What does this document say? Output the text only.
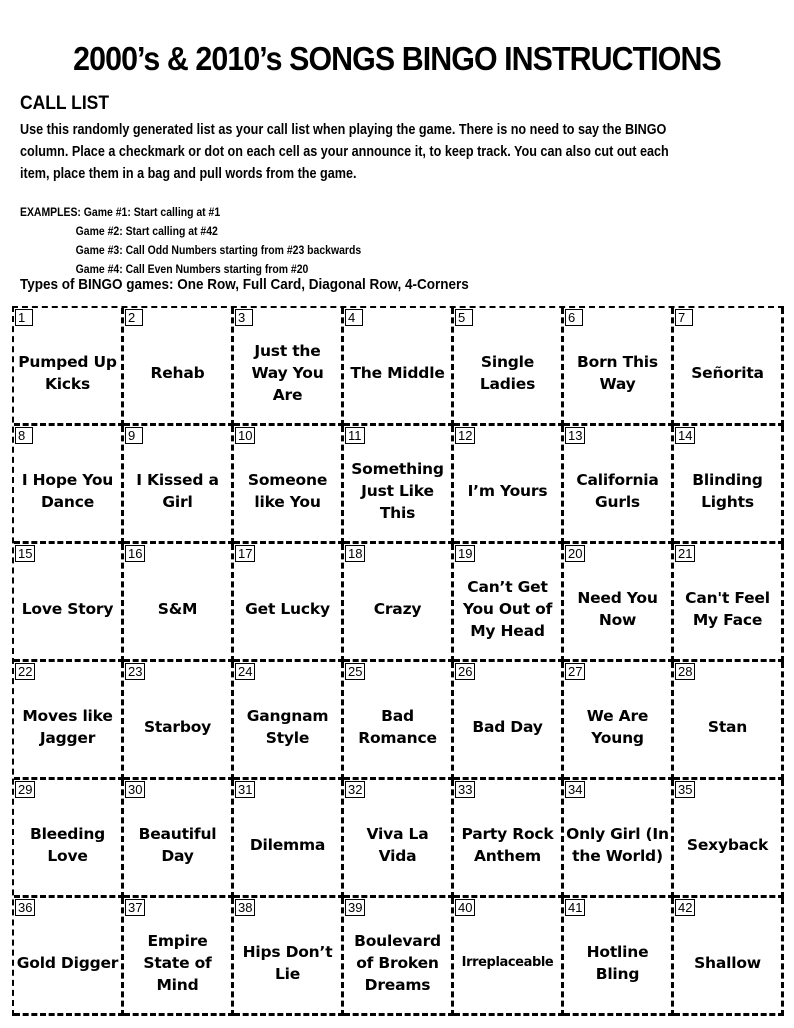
2000’s & 2010’s SONGS BINGO INSTRUCTIONS
CALL LIST
Use this randomly generated list as your call list when playing the game. There is no need to say the BINGO
column. Place a checkmark or dot on each cell as your announce it, to keep track. You can also cut out each
item, place them in a bag and pull words from the game.
EXAMPLES: Game #1: Start calling at #1
Game #2: Start calling at #42
Game #3: Call Odd Numbers starting from #23 backwards
Game #4: Call Even Numbers starting from #20
Types of BINGO games: One Row, Full Card, Diagonal Row, 4-Corners
1
Pumped Up Kicks
2
Rehab
3
Just the Way You Are
4
The Middle
5
Single Ladies
6
Born This Way
7
Señorita
8
I Hope You Dance
9
I Kissed a Girl
10
Someone like You
11
Something Just Like This
12
I’m Yours
13
California Gurls
14
Blinding Lights
15
Love Story
16
S&M
17
Get Lucky
18
Crazy
19
Can’t Get You Out of My Head
20
Need You Now
21
Can't Feel My Face
22
Moves like Jagger
23
Starboy
24
Gangnam Style
25
Bad Romance
26
Bad Day
27
We Are Young
28
Stan
29
Bleeding Love
30
Beautiful Day
31
Dilemma
32
Viva La Vida
33
Party Rock Anthem
34
Only Girl (In the World)
35
Sexyback
36
Gold Digger
37
Empire State of Mind
38
Hips Don’t Lie
39
Boulevard of Broken Dreams
40
Irreplaceable
41
Hotline Bling
42
Shallow
